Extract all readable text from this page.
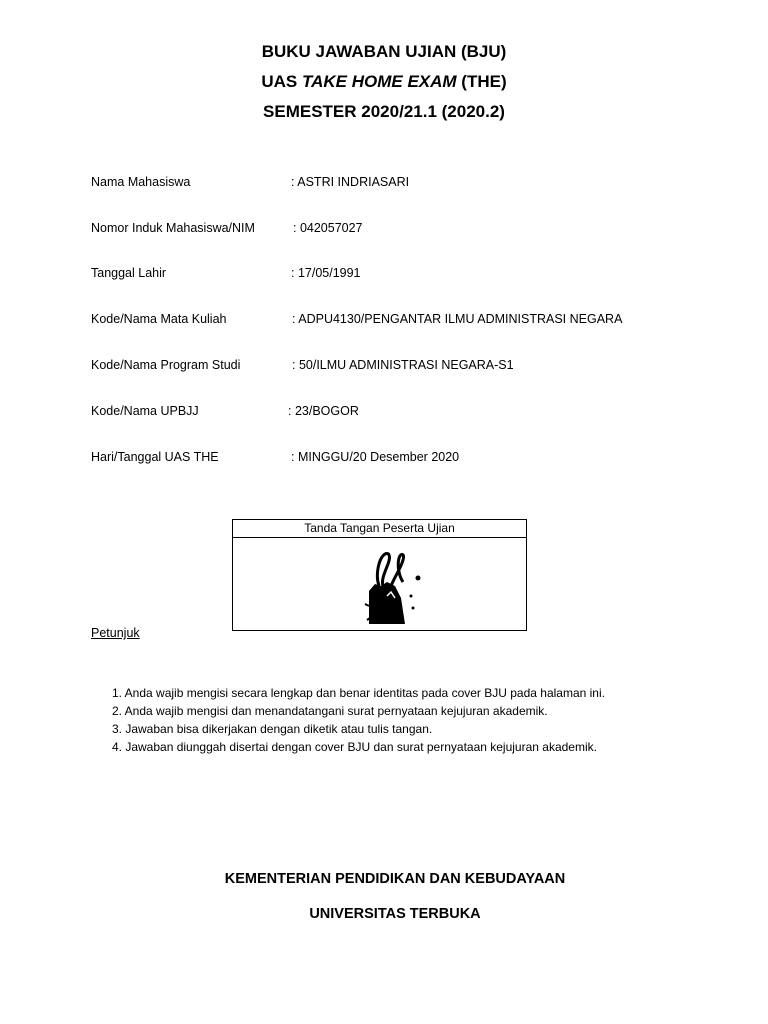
BUKU JAWABAN UJIAN (BJU)
UAS TAKE HOME EXAM (THE)
SEMESTER 2020/21.1 (2020.2)
Nama Mahasiswa	: ASTRI INDRIASARI
Nomor Induk Mahasiswa/NIM	: 042057027
Tanggal Lahir	: 17/05/1991
Kode/Nama Mata Kuliah	: ADPU4130/PENGANTAR ILMU ADMINISTRASI NEGARA
Kode/Nama Program Studi	: 50/ILMU ADMINISTRASI NEGARA-S1
Kode/Nama UPBJJ	: 23/BOGOR
Hari/Tanggal UAS THE	: MINGGU/20 Desember 2020
Tanda Tangan Peserta Ujian
Petunjuk
1. Anda wajib mengisi secara lengkap dan benar identitas pada cover BJU pada halaman ini.
2. Anda wajib mengisi dan menandatangani surat pernyataan kejujuran akademik.
3. Jawaban bisa dikerjakan dengan diketik atau tulis tangan.
4. Jawaban diunggah disertai dengan cover BJU dan surat pernyataan kejujuran akademik.
KEMENTERIAN PENDIDIKAN DAN KEBUDAYAAN
UNIVERSITAS TERBUKA
